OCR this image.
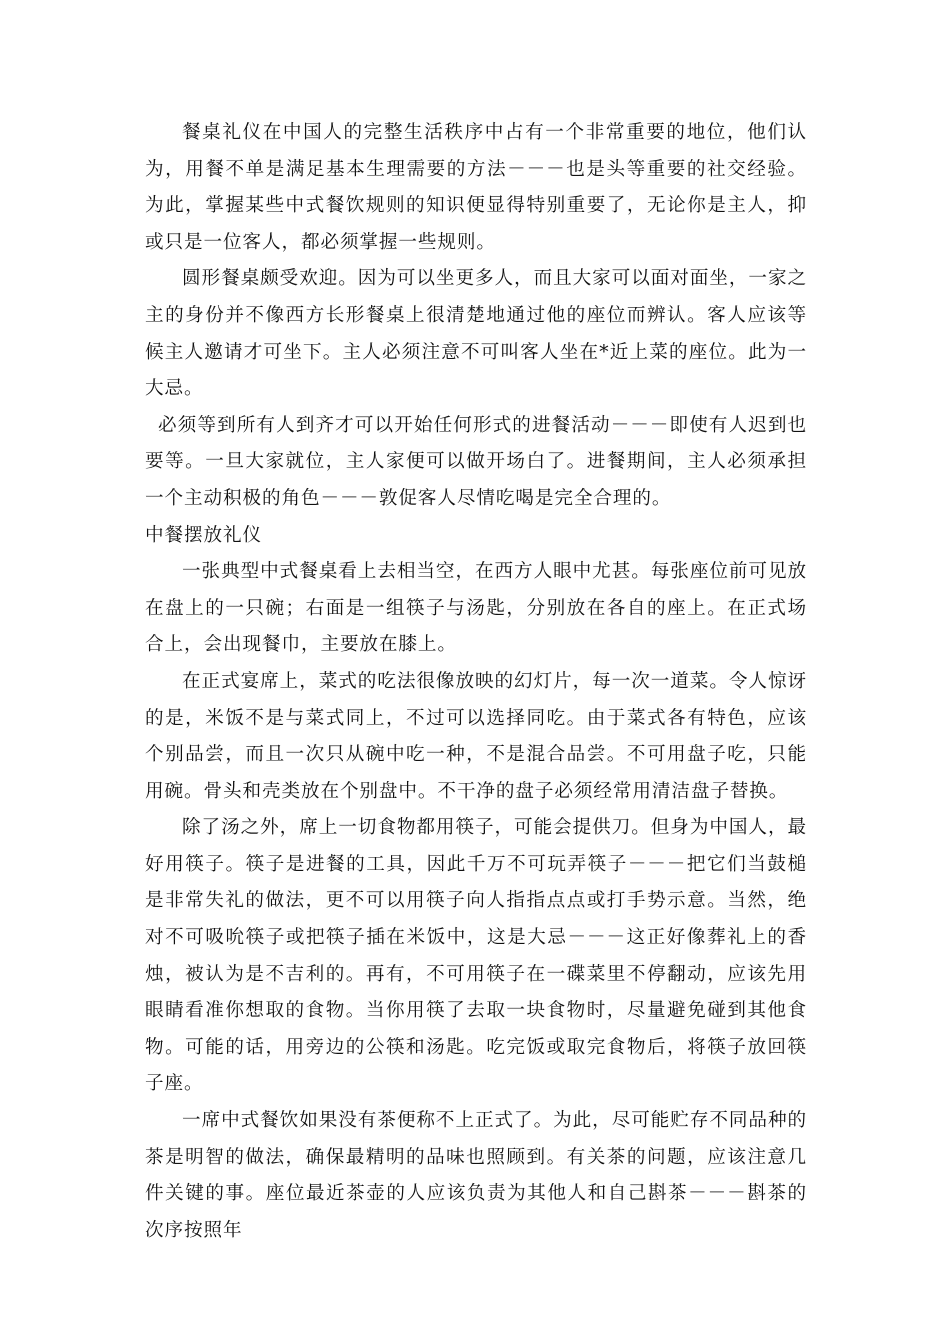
餐桌礼仪在中国人的完整生活秩序中占有一个非常重要的地位，他们认为，用餐不单是满足基本生理需要的方法－－－也是头等重要的社交经验。为此，掌握某些中式餐饮规则的知识便显得特别重要了，无论你是主人，抑或只是一位客人，都必须掌握一些规则。

圆形餐桌颇受欢迎。因为可以坐更多人，而且大家可以面对面坐，一家之主的身份并不像西方长形餐桌上很清楚地通过他的座位而辨认。客人应该等候主人邀请才可坐下。主人必须注意不可叫客人坐在*近上菜的座位。此为一大忌。

必须等到所有人到齐才可以开始任何形式的进餐活动－－－即使有人迟到也要等。一旦大家就位，主人家便可以做开场白了。进餐期间，主人必须承担一个主动积极的角色－－－敦促客人尽情吃喝是完全合理的。

中餐摆放礼仪

一张典型中式餐桌看上去相当空，在西方人眼中尤甚。每张座位前可见放在盘上的一只碗；右面是一组筷子与汤匙，分别放在各自的座上。在正式场合上，会出现餐巾，主要放在膝上。

在正式宴席上，菜式的吃法很像放映的幻灯片，每一次一道菜。令人惊讶的是，米饭不是与菜式同上，不过可以选择同吃。由于菜式各有特色，应该个别品尝，而且一次只从碗中吃一种，不是混合品尝。不可用盘子吃，只能用碗。骨头和壳类放在个别盘中。不干净的盘子必须经常用清洁盘子替换。

除了汤之外，席上一切食物都用筷子，可能会提供刀。但身为中国人，最好用筷子。筷子是进餐的工具，因此千万不可玩弄筷子－－－把它们当鼓槌是非常失礼的做法，更不可以用筷子向人指指点点或打手势示意。当然，绝对不可吸吮筷子或把筷子插在米饭中，这是大忌－－－这正好像葬礼上的香烛，被认为是不吉利的。再有，不可用筷子在一碟菜里不停翻动，应该先用眼睛看准你想取的食物。当你用筷了去取一块食物时，尽量避免碰到其他食物。可能的话，用旁边的公筷和汤匙。吃完饭或取完食物后，将筷子放回筷子座。

一席中式餐饮如果没有茶便称不上正式了。为此，尽可能贮存不同品种的茶是明智的做法，确保最精明的品味也照顾到。有关茶的问题，应该注意几件关键的事。座位最近茶壶的人应该负责为其他人和自己斟茶－－－斟茶的次序按照年
